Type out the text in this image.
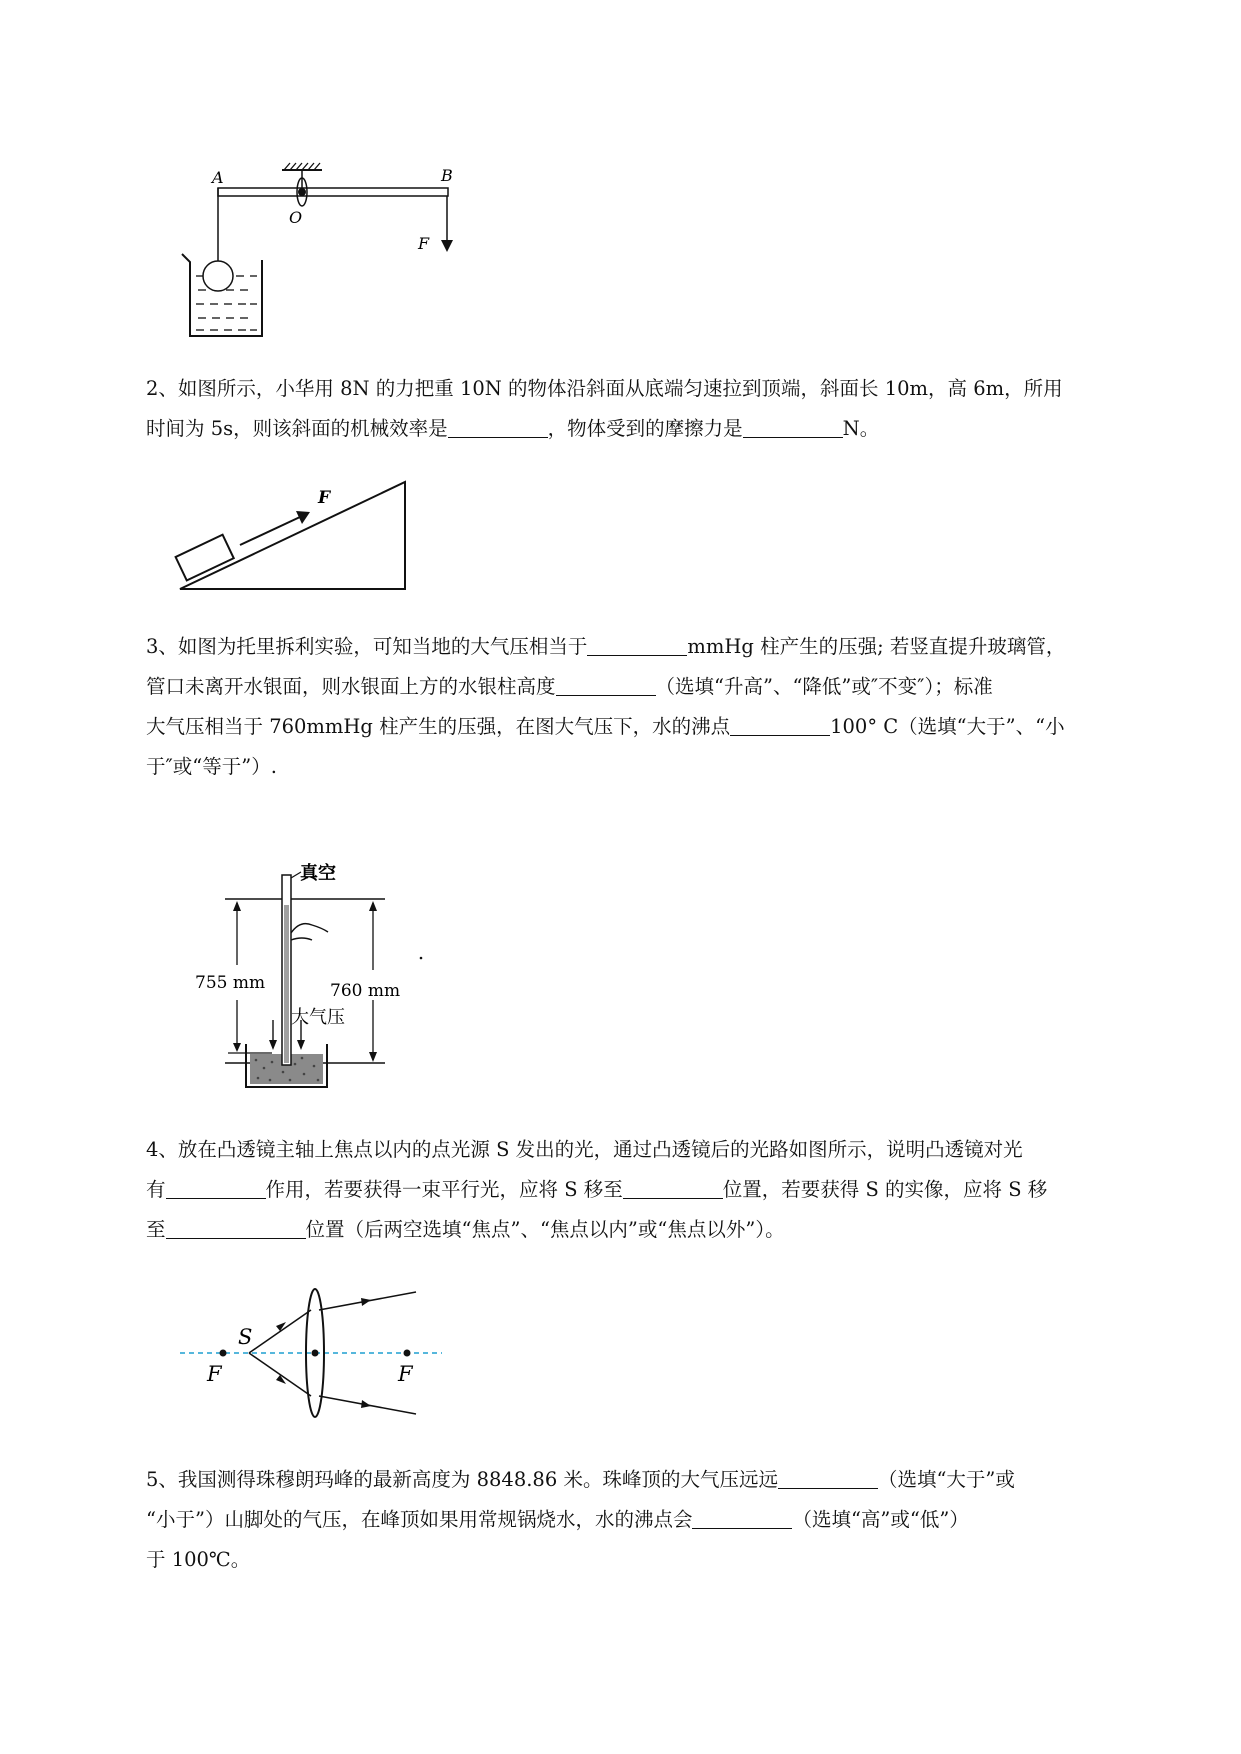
A	B
O
F

2、如图所示，小华用 8N 的力把重 10N 的物体沿斜面从底端匀速拉到顶端，斜面长 10m，高 6m，所用

时间为 5s，则该斜面的机械效率是	，物体受到的摩擦力是	N。

F

3、如图为托里拆利实验，可知当地的大气压相当于	mmHg 柱产生的压强; 若竖直提升玻璃管，

管口未离开水银面，则水银面上方的水银柱高度	（选填“升高”、“降低”或″不变″）；标准

大气压相当于 760mmHg 柱产生的压强，在图大气压下，水的沸点	100° C（选填“大于”、“小

于″或“等于”）.

真空
755 mm	760 mm
大气压

4、放在凸透镜主轴上焦点以内的点光源 S 发出的光，通过凸透镜后的光路如图所示，说明凸透镜对光

有	作用，若要获得一束平行光，应将 S 移至	位置，若要获得 S 的实像，应将 S 移

至	位置（后两空选填“焦点”、“焦点以内”或“焦点以外”）。

S
F	F

5、我国测得珠穆朗玛峰的最新高度为 8848.86 米。珠峰顶的大气压远远	（选填“大于”或

“小于”）山脚处的气压，在峰顶如果用常规锅烧水，水的沸点会	（选填“高”或“低”）

于 100℃。
